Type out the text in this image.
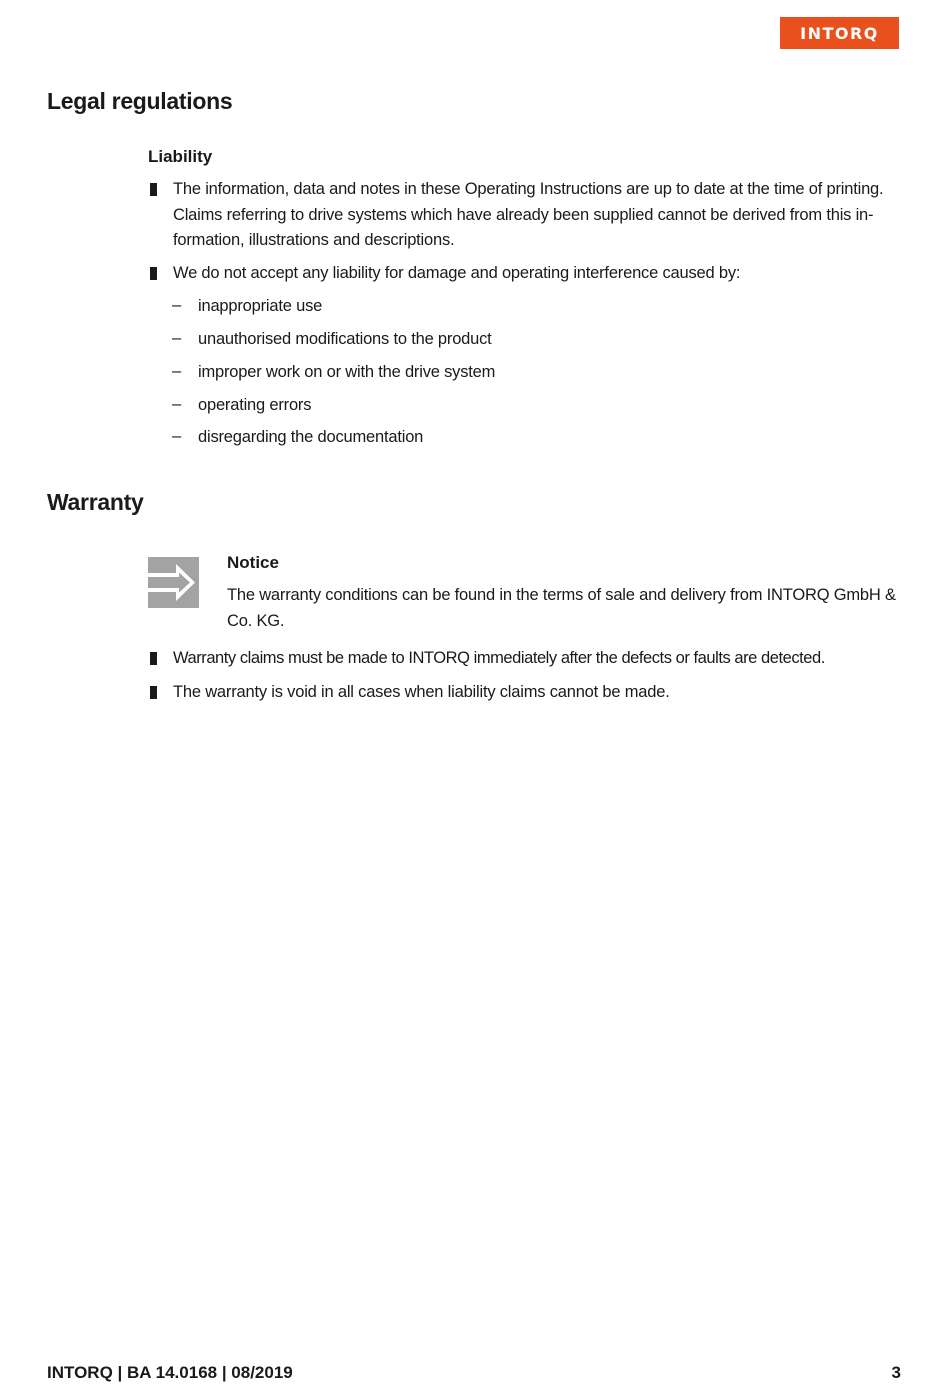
INTORQ
Legal regulations
Liability
The information, data and notes in these Operating Instructions are up to date at the time of printing. Claims referring to drive systems which have already been supplied cannot be derived from this in-formation, illustrations and descriptions.
We do not accept any liability for damage and operating interference caused by:
– inappropriate use
– unauthorised modifications to the product
– improper work on or with the drive system
– operating errors
– disregarding the documentation
Warranty
Notice
The warranty conditions can be found in the terms of sale and delivery from INTORQ GmbH & Co. KG.
Warranty claims must be made to INTORQ immediately after the defects or faults are detected.
The warranty is void in all cases when liability claims cannot be made.
INTORQ | BA 14.0168 | 08/2019	3
